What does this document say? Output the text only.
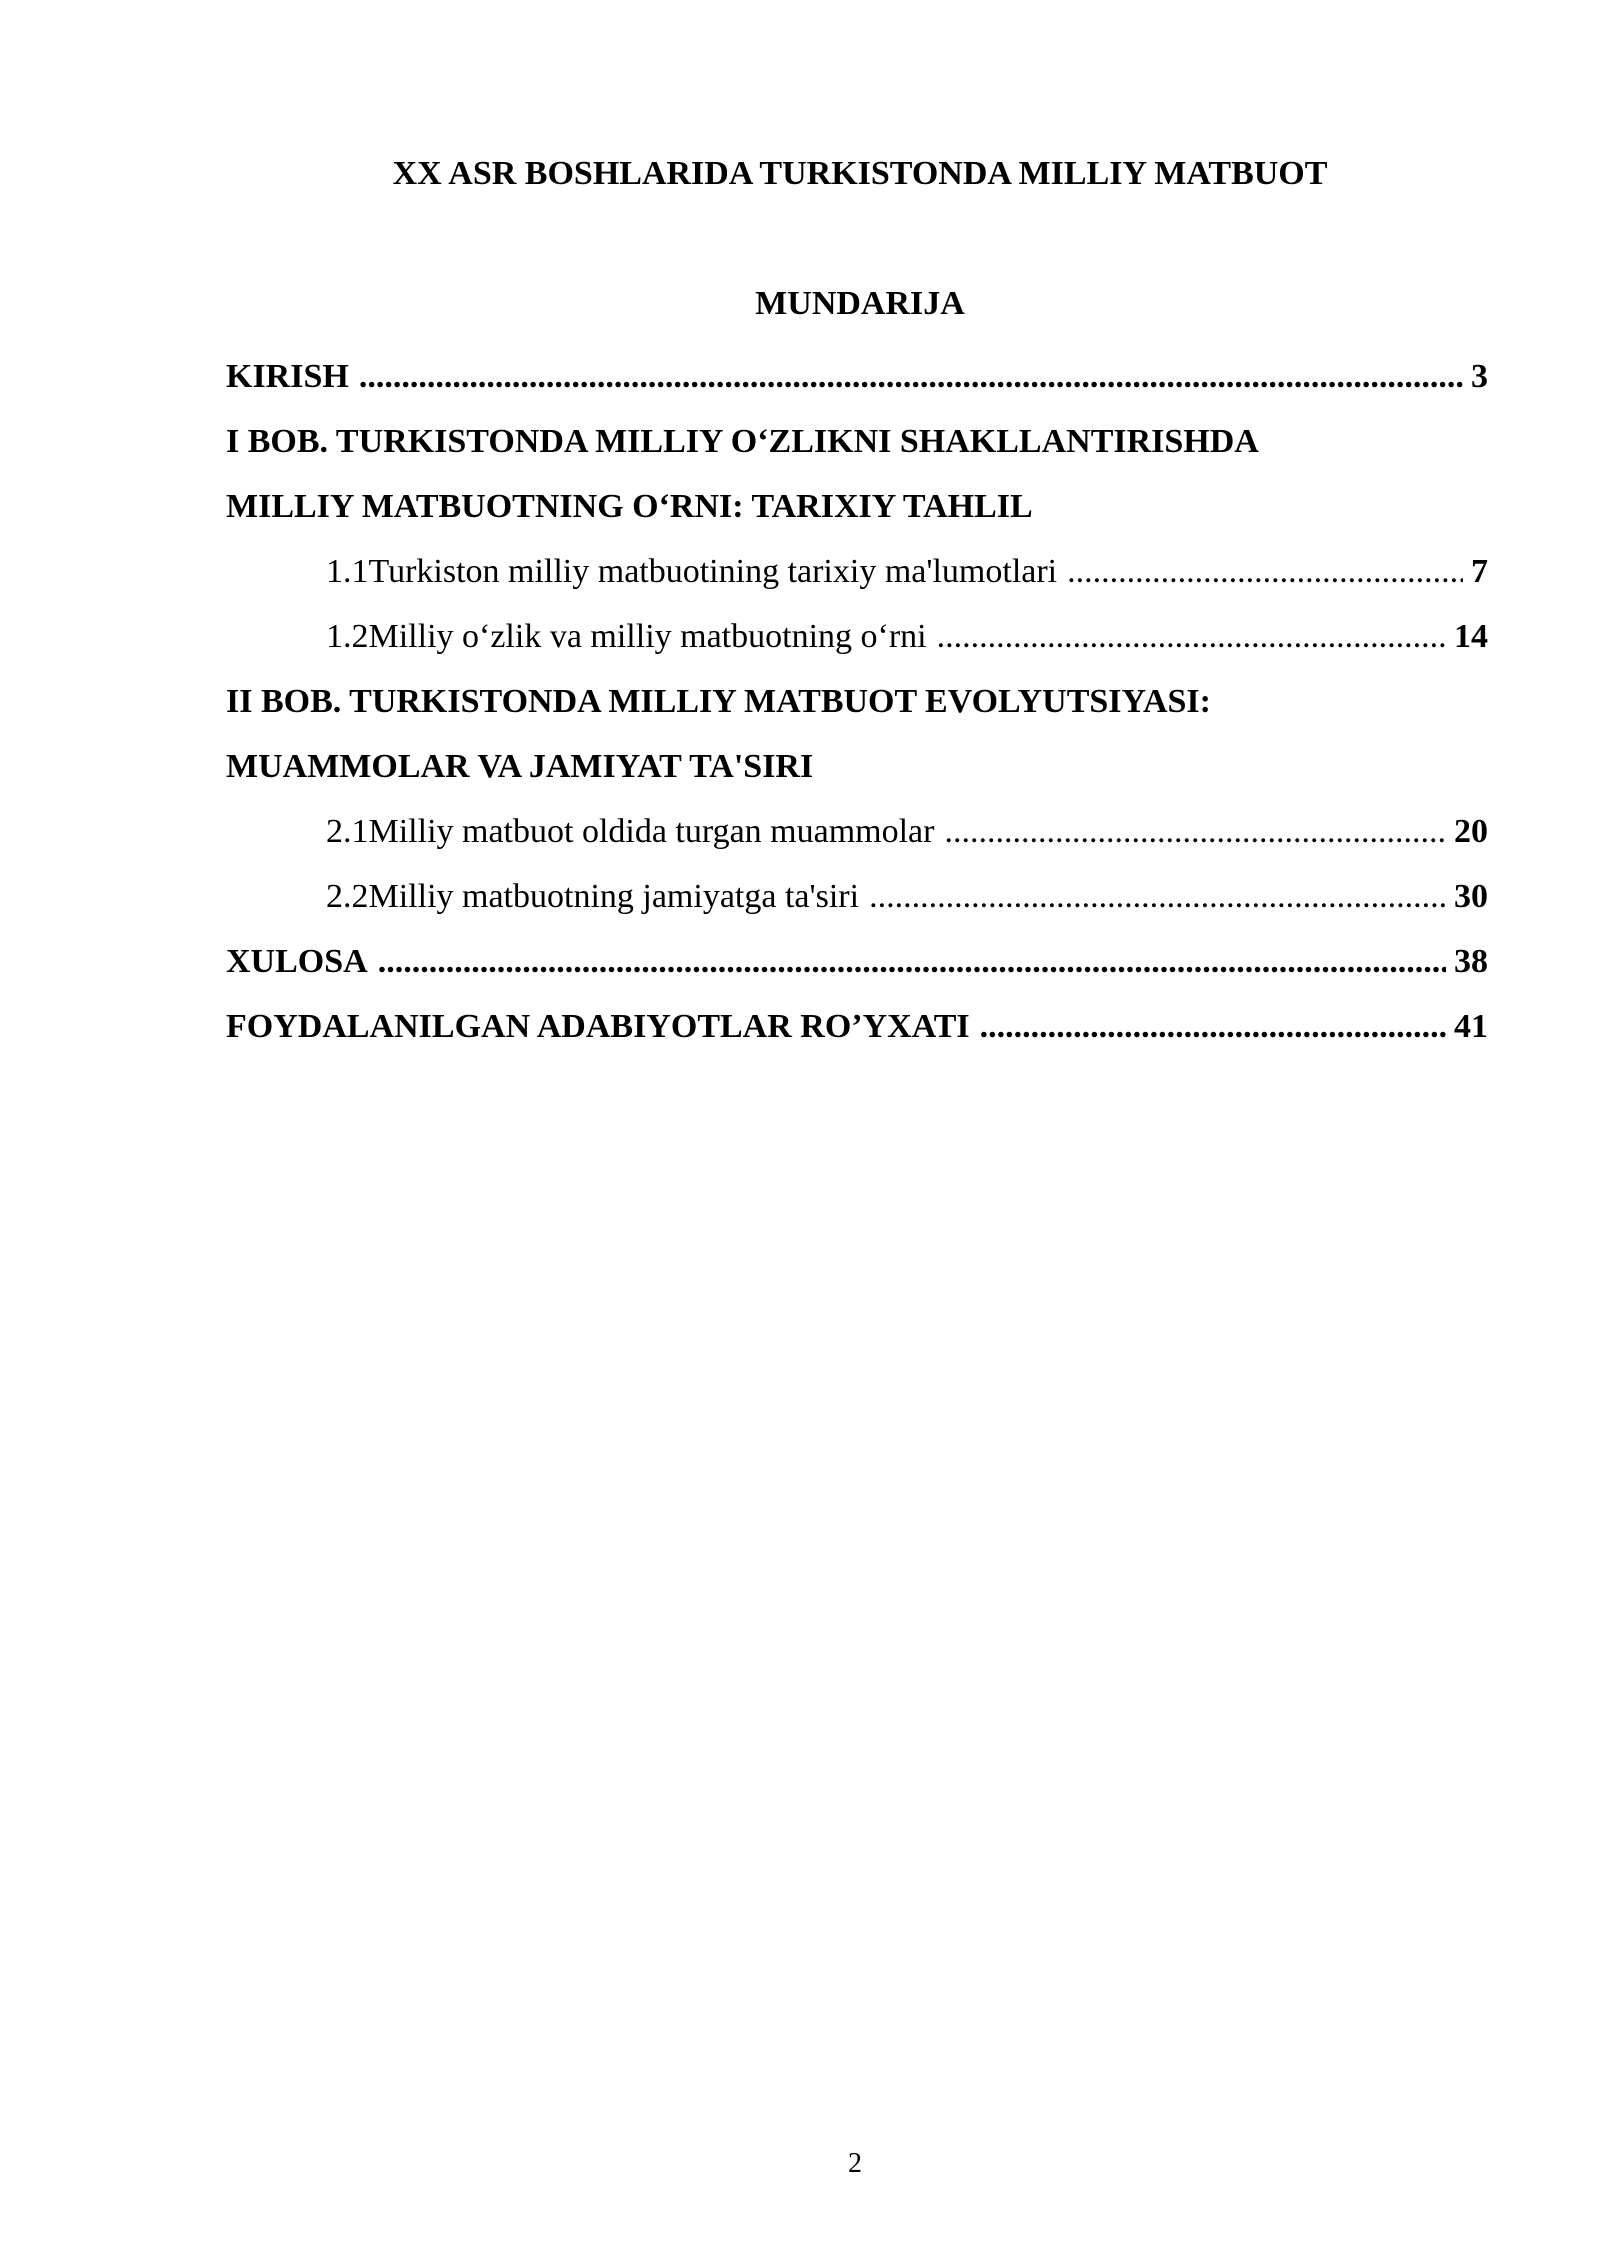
XX ASR BOSHLARIDA TURKISTONDA MILLIY MATBUOT
MUNDARIJA
KIRISH .....	3
I BOB. TURKISTONDA MILLIY O‘ZLIKNI SHAKLLANTIRISHDA
MILLIY MATBUOTNING O‘RNI: TARIXIY TAHLIL
1.1 Turkiston milliy matbuotining tarixiy ma'lumotlari .....	7
1.2 Milliy o‘zlik va milliy matbuotning o‘rni .....	14
II BOB. TURKISTONDA MILLIY MATBUOT EVOLYUTSIYASI:
MUAMMOLAR VA JAMIYAT TA'SIRI
2.1 Milliy matbuot oldida turgan muammolar .....	20
2.2 Milliy matbuotning jamiyatga ta'siri .....	30
XULOSA .....	38
FOYDALANILGAN ADABIYOTLAR RO’YXATI .....	41
2
